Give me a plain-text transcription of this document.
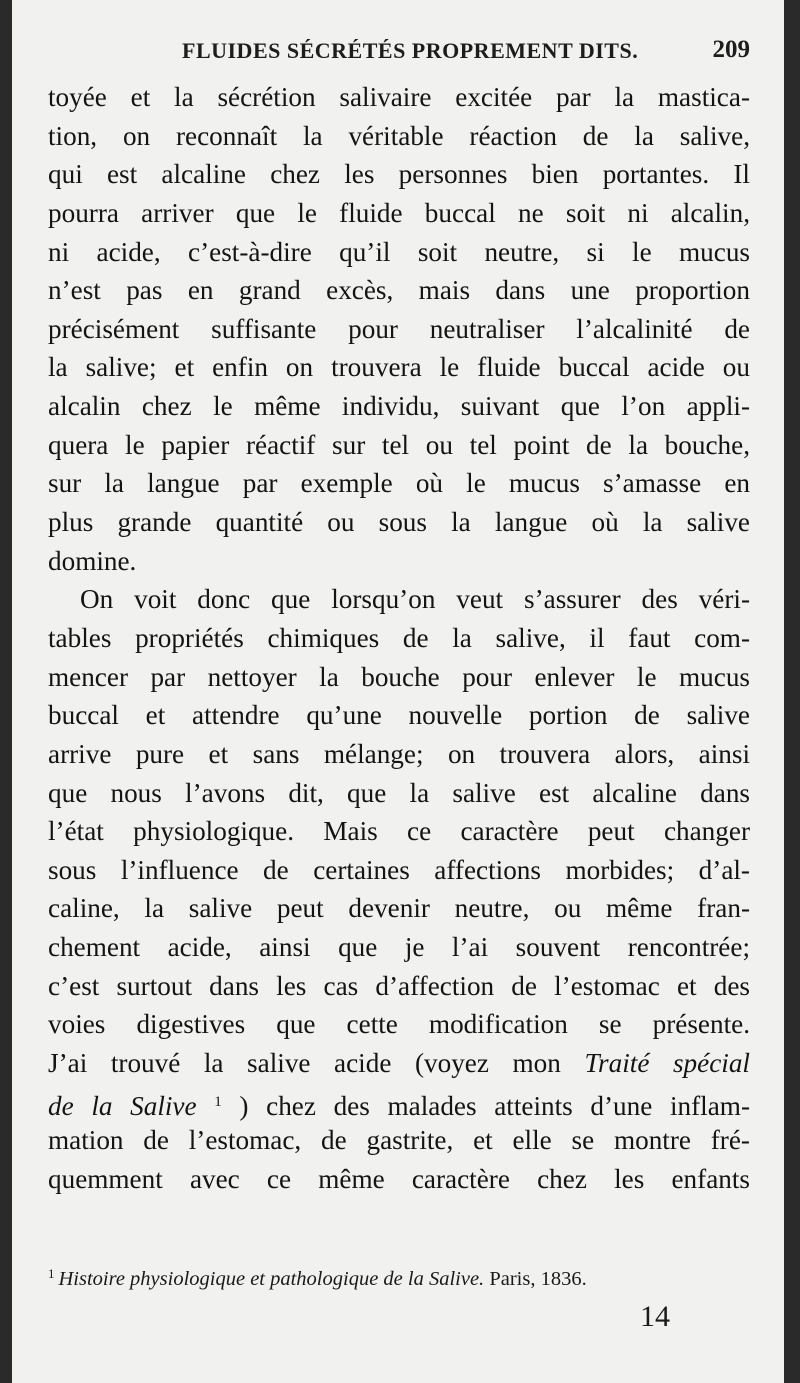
FLUIDES SÉCRÉTÉS PROPREMENT DITS.	209
toyée et la sécrétion salivaire excitée par la mastica-
tion, on reconnaît la véritable réaction de la salive,
qui est alcaline chez les personnes bien portantes. Il
pourra arriver que le fluide buccal ne soit ni alcalin,
ni acide, c’est-à-dire qu’il soit neutre, si le mucus
n’est pas en grand excès, mais dans une proportion
précisément suffisante pour neutraliser l’alcalinité de
la salive; et enfin on trouvera le fluide buccal acide ou
alcalin chez le même individu, suivant que l’on appli-
quera le papier réactif sur tel ou tel point de la bouche,
sur la langue par exemple où le mucus s’amasse en
plus grande quantité ou sous la langue où la salive
domine.
On voit donc que lorsqu’on veut s’assurer des véri-
tables propriétés chimiques de la salive, il faut com-
mencer par nettoyer la bouche pour enlever le mucus
buccal et attendre qu’une nouvelle portion de salive
arrive pure et sans mélange; on trouvera alors, ainsi
que nous l’avons dit, que la salive est alcaline dans
l’état physiologique. Mais ce caractère peut changer
sous l’influence de certaines affections morbides; d’al-
caline, la salive peut devenir neutre, ou même fran-
chement acide, ainsi que je l’ai souvent rencontrée;
c’est surtout dans les cas d’affection de l’estomac et des
voies digestives que cette modification se présente.
J’ai trouvé la salive acide (voyez mon Traité spécial
de la Salive $^1$ ) chez des malades atteints d’une inflam-
mation de l’estomac, de gastrite, et elle se montre fré-
quemment avec ce même caractère chez les enfants
$^1$ Histoire physiologique et pathologique de la Salive. Paris, 1836.
14
